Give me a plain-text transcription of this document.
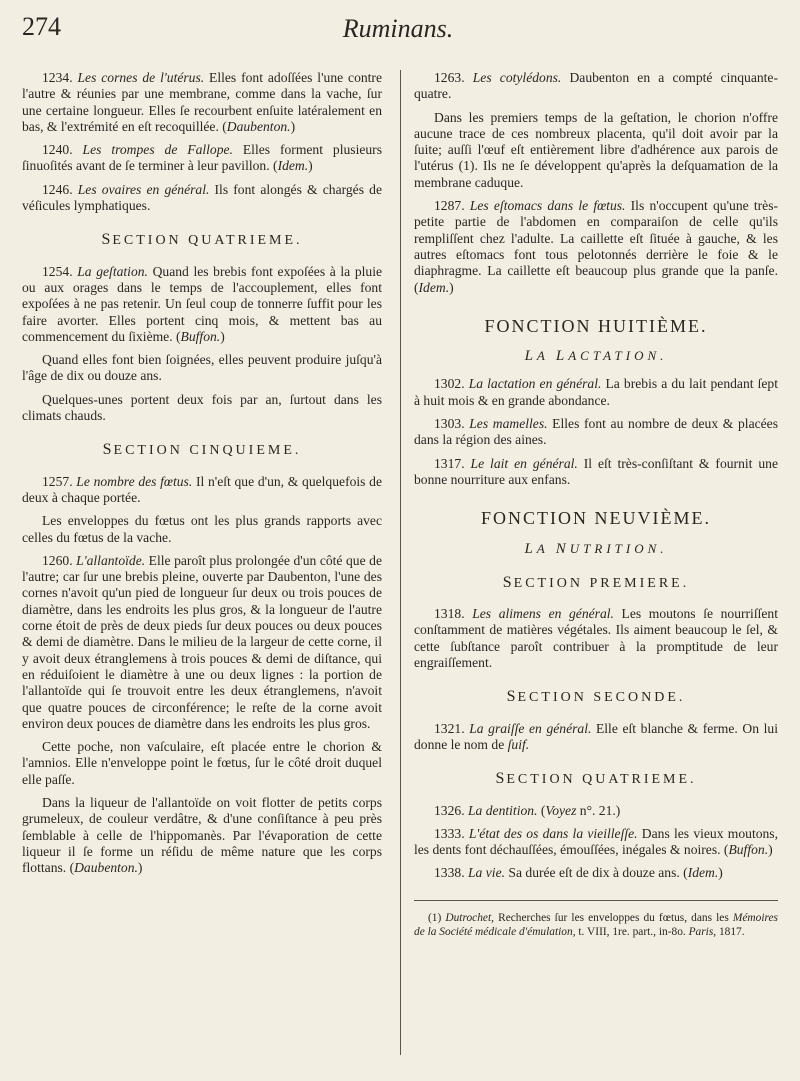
274	Ruminans.

1234. Les cornes de l'utérus. Elles font adoſſées l'une contre l'autre & réunies par une membrane, comme dans la vache, ſur une certaine longueur. Elles ſe recourbent enſuite latéralement en bas, & l'extrémité en eſt recoquillée. (Daubenton.)

1240. Les trompes de Fallope. Elles forment plusieurs ſinuoſités avant de ſe terminer à leur pavillon. (Idem.)

1246. Les ovaires en général. Ils font alongés & chargés de véſicules lymphatiques.

SECTION QUATRIEME.

1254. La geſtation. Quand les brebis font expoſées à la pluie ou aux orages dans le temps de l'accouplement, elles font expoſées à ne pas retenir. Un ſeul coup de tonnerre ſuffit pour les faire avorter. Elles portent cinq mois, & mettent bas au commencement du ſixième. (Buffon.)

Quand elles font bien ſoignées, elles peuvent produire juſqu'à l'âge de dix ou douze ans.

Quelques-unes portent deux fois par an, ſurtout dans les climats chauds.

SECTION CINQUIEME.

1257. Le nombre des fœtus. Il n'eſt que d'un, & quelquefois de deux à chaque portée.

Les enveloppes du fœtus ont les plus grands rapports avec celles du fœtus de la vache.

1260. L'allantoïde. Elle paroît plus prolongée d'un côté que de l'autre; car ſur une brebis pleine, ouverte par Daubenton, l'une des cornes n'avoit qu'un pied de longueur ſur deux ou trois pouces de diamètre, dans les endroits les plus gros, & la longueur de l'autre corne étoit de près de deux pieds ſur deux pouces ou deux pouces & demi de diamètre. Dans le milieu de la largeur de cette corne, il y avoit deux étranglemens à trois pouces & demi de diſtance, qui en réduiſoient le diamètre à une ou deux lignes : la portion de l'allantoïde qui ſe trouvoit entre les deux étranglemens, n'avoit que quatre pouces de circonférence; le reſte de la corne avoit environ deux pouces de diamètre dans les endroits les plus gros.

Cette poche, non vaſculaire, eſt placée entre le chorion & l'amnios. Elle n'enveloppe point le fœtus, ſur le côté droit duquel elle paſſe.

Dans la liqueur de l'allantoïde on voit flotter de petits corps grumeleux, de couleur verdâtre, & d'une conſiſtance à peu près ſemblable à celle de l'hippomanès. Par l'évaporation de cette liqueur il ſe forme un réſidu de même nature que les corps flottans. (Daubenton.)

1263. Les cotylédons. Daubenton en a compté cinquante-quatre.

Dans les premiers temps de la geſtation, le chorion n'offre aucune trace de ces nombreux placenta, qu'il doit avoir par la ſuite; auſſi l'œuf eſt entièrement libre d'adhérence aux parois de l'utérus (1). Ils ne ſe développent qu'après la deſquamation de la membrane caduque.

1287. Les eſtomacs dans le fœtus. Ils n'occupent qu'une très-petite partie de l'abdomen en comparaiſon de celle qu'ils rempliſſent chez l'adulte. La caillette eſt ſituée à gauche, & les autres eſtomacs font tous pelotonnés derrière le foie & le diaphragme. La caillette eſt beaucoup plus grande que la panſe. (Idem.)

FONCTION HUITIÈME.
LA LACTATION.

1302. La lactation en général. La brebis a du lait pendant ſept à huit mois & en grande abondance.

1303. Les mamelles. Elles font au nombre de deux & placées dans la région des aines.

1317. Le lait en général. Il eſt très-conſiſtant & fournit une bonne nourriture aux enfans.

FONCTION NEUVIÈME.
LA NUTRITION.
SECTION PREMIERE.

1318. Les alimens en général. Les moutons ſe nourriſſent conſtamment de matières végétales. Ils aiment beaucoup le ſel, & cette ſubſtance paroît contribuer à la promptitude de leur engraiſſement.

SECTION SECONDE.

1321. La graiſſe en général. Elle eſt blanche & ferme. On lui donne le nom de ſuif.

SECTION QUATRIEME.

1326. La dentition. (Voyez n°. 21.)

1333. L'état des os dans la vieilleſſe. Dans les vieux moutons, les dents font déchauſſées, émouſſées, inégales & noires. (Buffon.)

1338. La vie. Sa durée eſt de dix à douze ans. (Idem.)

(1) Dutrochet, Recherches ſur les enveloppes du fœtus, dans les Mémoires de la Société médicale d'émulation, t. VIII, 1re. part., in-8o. Paris, 1817.
